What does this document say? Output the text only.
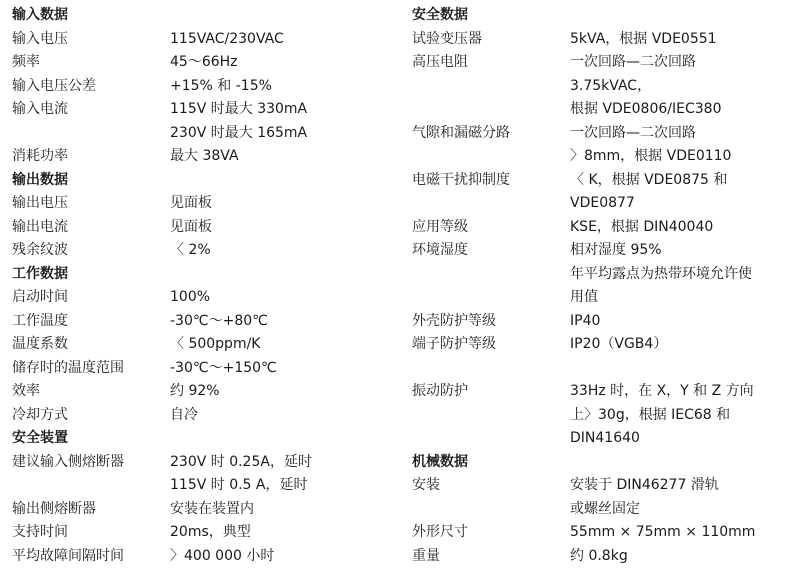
输入数据
输入电压	115VAC/230VAC
频率	45～66Hz
输入电压公差	+15% 和 -15%
输入电流	115V 时最大 330mA
230V 时最大 165mA
消耗功率	最大 38VA
输出数据
输出电压	见面板
输出电流	见面板
残余纹波	〈 2%
工作数据
启动时间	100%
工作温度	-30℃～+80℃
温度系数	〈 500ppm/K
储存时的温度范围	-30℃～+150℃
效率	约 92%
冷却方式	自冷
安全装置
建议输入侧熔断器	230V 时 0.25A，延时
115V 时 0.5 A，延时
输出侧熔断器	安装在装置内
支持时间	20ms，典型
平均故障间隔时间	〉400 000 小时
安全数据
试验变压器	5kVA，根据 VDE0551
高压电阻	一次回路—二次回路
3.75kVAC，
根据 VDE0806/IEC380
气隙和漏磁分路	一次回路—二次回路
〉8mm，根据 VDE0110
电磁干扰抑制度	〈 K，根据 VDE0875 和
VDE0877
应用等级	KSE，根据 DIN40040
环境湿度	相对湿度 95%
年平均露点为热带环境允许使
用值
外壳防护等级	IP40
端子防护等级	IP20（VGB4）
振动防护	33Hz 时，在 X，Y 和 Z 方向
上〉30g，根据 IEC68 和
DIN41640
机械数据
安装	安装于 DIN46277 滑轨
或螺丝固定
外形尺寸	55mm × 75mm × 110mm
重量	约 0.8kg
